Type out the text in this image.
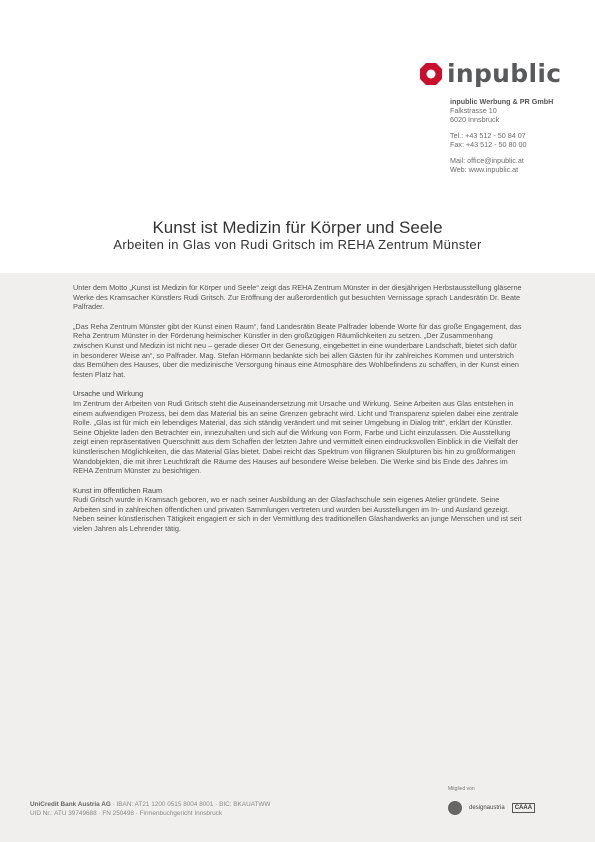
inpublic
inpublic Werbung & PR GmbH
Falkstrasse 10
6020 Innsbruck
Tel.: +43 512 - 50 84 07
Fax: +43 512 - 50 80 00
Mail: office@inpublic.at
Web: www.inpublic.at
Kunst ist Medizin für Körper und Seele
Arbeiten in Glas von Rudi Gritsch im REHA Zentrum Münster

Unter dem Motto „Kunst ist Medizin für Körper und Seele“ zeigt das REHA Zentrum Münster in der diesjährigen Herbstausstellung gläserne Werke des Kramsacher Künstlers Rudi Gritsch. Zur Eröffnung der außerordentlich gut besuchten Vernissage sprach Landesrätin Dr. Beate Palfrader.

„Das Reha Zentrum Münster gibt der Kunst einen Raum“, fand Landesrätin Beate Palfrader lobende Worte für das große Engagement, das Reha Zentrum Münster in der Förderung heimischer Künstler in den großzügigen Räumlichkeiten zu setzen. „Der Zusammenhang zwischen Kunst und Medizin ist nicht neu – gerade dieser Ort der Genesung, eingebettet in eine wunderbare Landschaft, bietet sich dafür in besonderer Weise an“, so Palfrader. Mag. Stefan Hörmann bedankte sich bei allen Gästen für ihr zahlreiches Kommen und unterstrich das Bemühen des Hauses, über die medizinische Versorgung hinaus eine Atmosphäre des Wohlbefindens zu schaffen, in der Kunst einen festen Platz hat.

Ursache und Wirkung

Im Zentrum der Arbeiten von Rudi Gritsch steht die Auseinandersetzung mit Ursache und Wirkung. Seine Arbeiten aus Glas entstehen in einem aufwendigen Prozess, bei dem das Material bis an seine Grenzen gebracht wird. Licht und Transparenz spielen dabei eine zentrale Rolle. „Glas ist für mich ein lebendiges Material, das sich ständig verändert und mit seiner Umgebung in Dialog tritt“, erklärt der Künstler. Seine Objekte laden den Betrachter ein, innezuhalten und sich auf die Wirkung von Form, Farbe und Licht einzulassen. Die Ausstellung zeigt einen repräsentativen Querschnitt aus dem Schaffen der letzten Jahre und vermittelt einen eindrucksvollen Einblick in die Vielfalt der künstlerischen Möglichkeiten, die das Material Glas bietet. Dabei reicht das Spektrum von filigranen Skulpturen bis hin zu großformatigen Wandobjekten, die mit ihrer Leuchtkraft die Räume des Hauses auf besondere Weise beleben. Die Werke sind bis Ende des Jahres im REHA Zentrum Münster zu besichtigen.

Kunst im öffentlichen Raum

Rudi Gritsch wurde in Kramsach geboren, wo er nach seiner Ausbildung an der Glasfachschule sein eigenes Atelier gründete. Seine Arbeiten sind in zahlreichen öffentlichen und privaten Sammlungen vertreten und wurden bei Ausstellungen im In- und Ausland gezeigt. Neben seiner künstlerischen Tätigkeit engagiert er sich in der Vermittlung des traditionellen Glashandwerks an junge Menschen und ist seit vielen Jahren als Lehrender tätig.

UniCredit Bank Austria AG · IBAN: AT21 1200 0515 8004 8001 · BIC: BKAUATWW
UID Nr.: ATU 39749688 · FN 250498 · Firmenbuchgericht Innsbruck
Mitglied von
designaustria	CAAA
